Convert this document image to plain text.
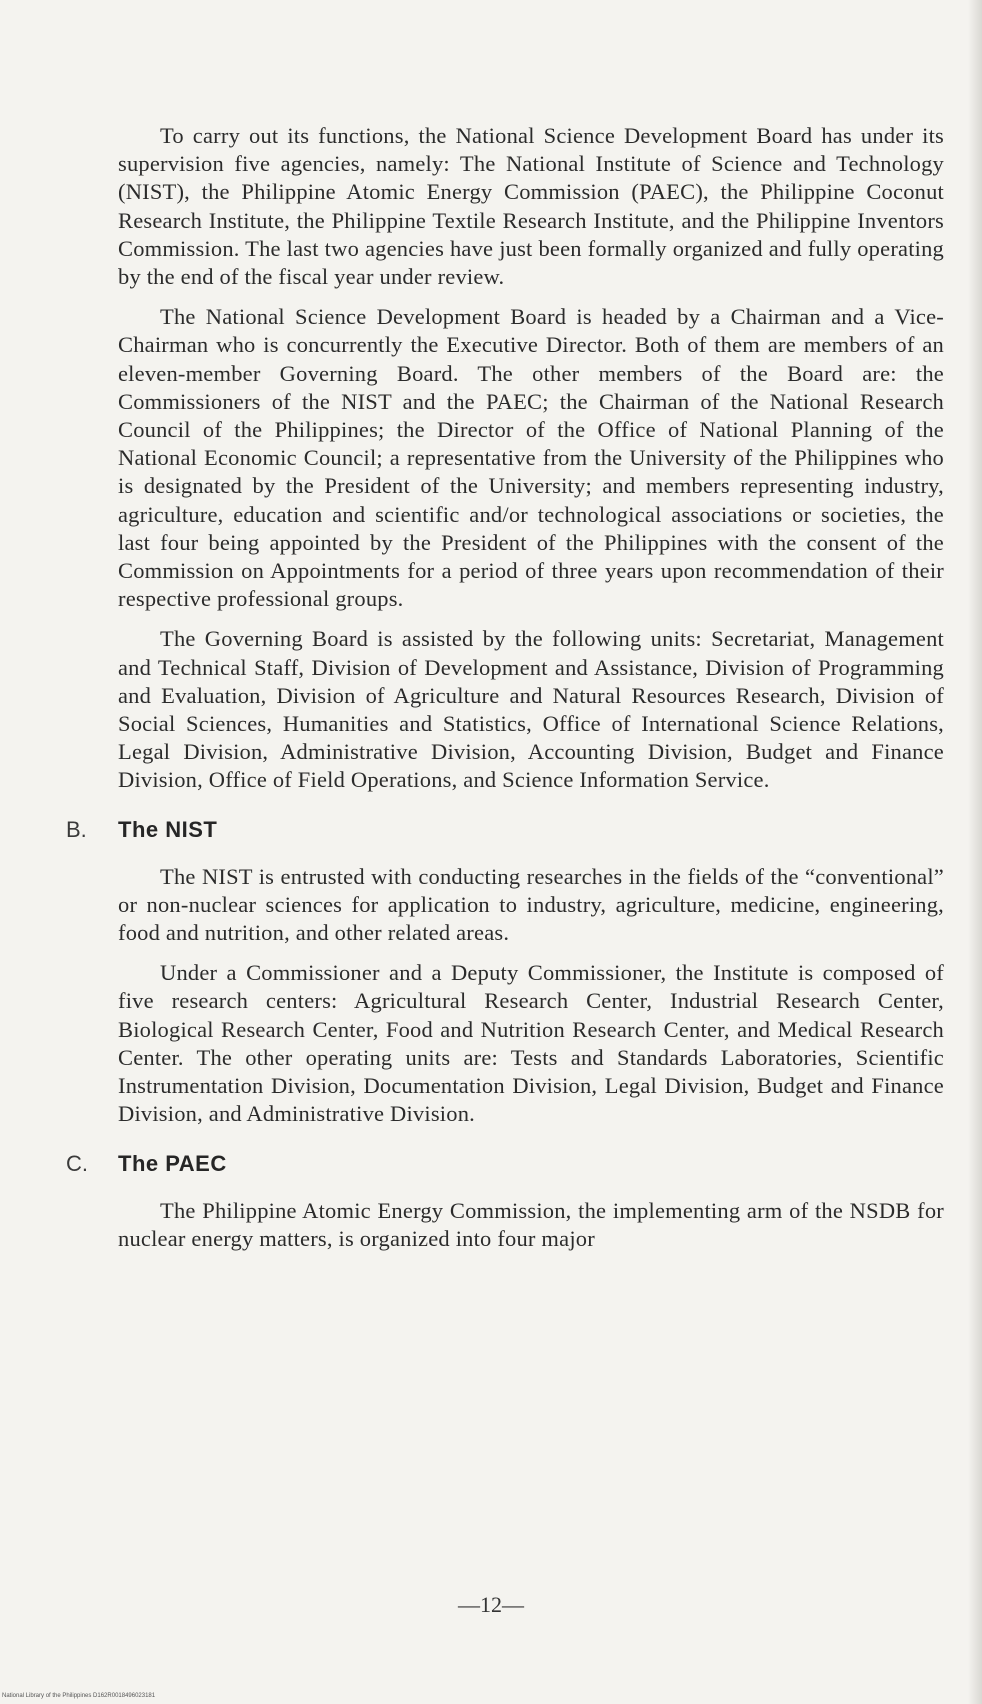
To carry out its functions, the National Science Development Board has under its supervision five agencies, namely: The National Institute of Science and Technology (NIST), the Philippine Atomic Energy Commission (PAEC), the Philippine Coconut Research Institute, the Philippine Textile Research Institute, and the Philippine Inventors Commission. The last two agencies have just been formally organized and fully operating by the end of the fiscal year under review.

The National Science Development Board is headed by a Chairman and a Vice-Chairman who is concurrently the Executive Director. Both of them are members of an eleven-member Governing Board. The other members of the Board are: the Commissioners of the NIST and the PAEC; the Chairman of the National Research Council of the Philippines; the Director of the Office of National Planning of the National Economic Council; a representative from the University of the Philippines who is designated by the President of the University; and members representing industry, agriculture, education and scientific and/or technological associations or societies, the last four being appointed by the President of the Philippines with the consent of the Commission on Appointments for a period of three years upon recommendation of their respective professional groups.

The Governing Board is assisted by the following units: Secretariat, Management and Technical Staff, Division of Development and Assistance, Division of Programming and Evaluation, Division of Agriculture and Natural Resources Research, Division of Social Sciences, Humanities and Statistics, Office of International Science Relations, Legal Division, Administrative Division, Accounting Division, Budget and Finance Division, Office of Field Operations, and Science Information Service.

B. The NIST

The NIST is entrusted with conducting researches in the fields of the “conventional” or non-nuclear sciences for application to industry, agriculture, medicine, engineering, food and nutrition, and other related areas.

Under a Commissioner and a Deputy Commissioner, the Institute is composed of five research centers: Agricultural Research Center, Industrial Research Center, Biological Research Center, Food and Nutrition Research Center, and Medical Research Center. The other operating units are: Tests and Standards Laboratories, Scientific Instrumentation Division, Documentation Division, Legal Division, Budget and Finance Division, and Administrative Division.

C. The PAEC

The Philippine Atomic Energy Commission, the implementing arm of the NSDB for nuclear energy matters, is organized into four major

—12—
National Library of the Philippines D162R0018496023181
